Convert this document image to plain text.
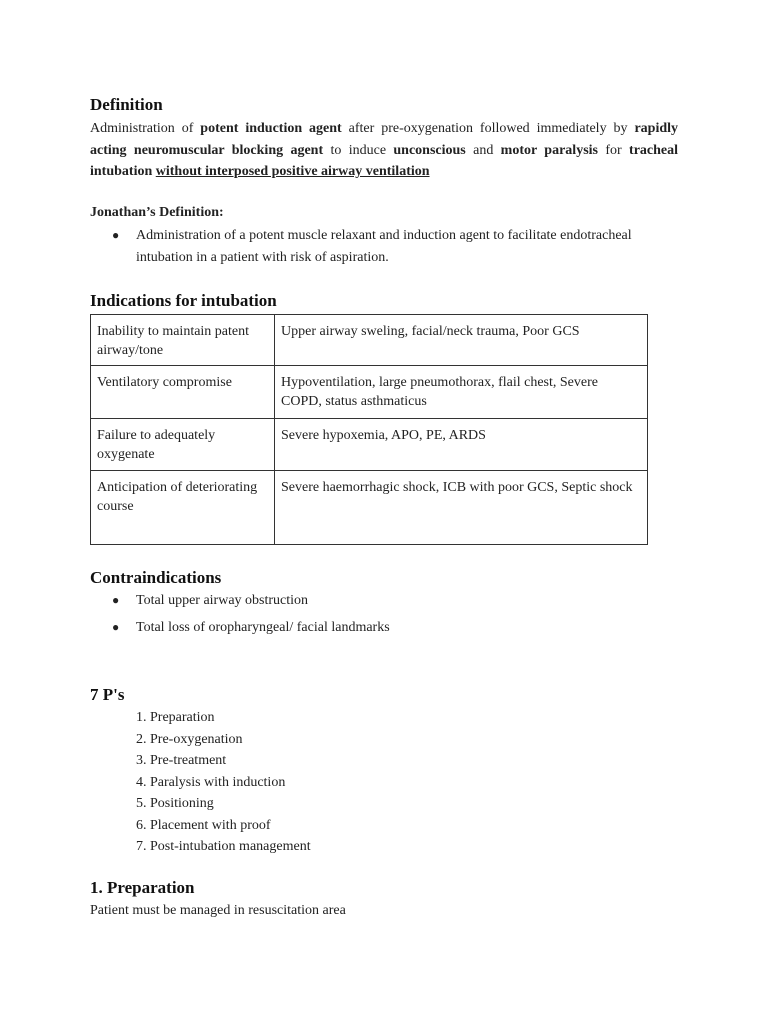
Definition

Administration of potent induction agent after pre-oxygenation followed immediately by rapidly acting neuromuscular blocking agent to induce unconscious and motor paralysis for tracheal intubation without interposed positive airway ventilation

Jonathan’s Definition:

● Administration of a potent muscle relaxant and induction agent to facilitate endotracheal intubation in a patient with risk of aspiration.
Indications for intubation
Inability to maintain patent airway/tone	Upper airway sweling, facial/neck trauma, Poor GCS
Ventilatory compromise	Hypoventilation, large pneumothorax, flail chest, Severe COPD, status asthmaticus
Failure to adequately oxygenate	Severe hypoxemia, APO, PE, ARDS
Anticipation of deteriorating course	Severe haemorrhagic shock, ICB with poor GCS, Septic shock
Contraindications
● Total upper airway obstruction
● Total loss of oropharyngeal/ facial landmarks
7 P's
1. Preparation
2. Pre-oxygenation
3. Pre-treatment
4. Paralysis with induction
5. Positioning
6. Placement with proof
7. Post-intubation management
1. Preparation

Patient must be managed in resuscitation area
